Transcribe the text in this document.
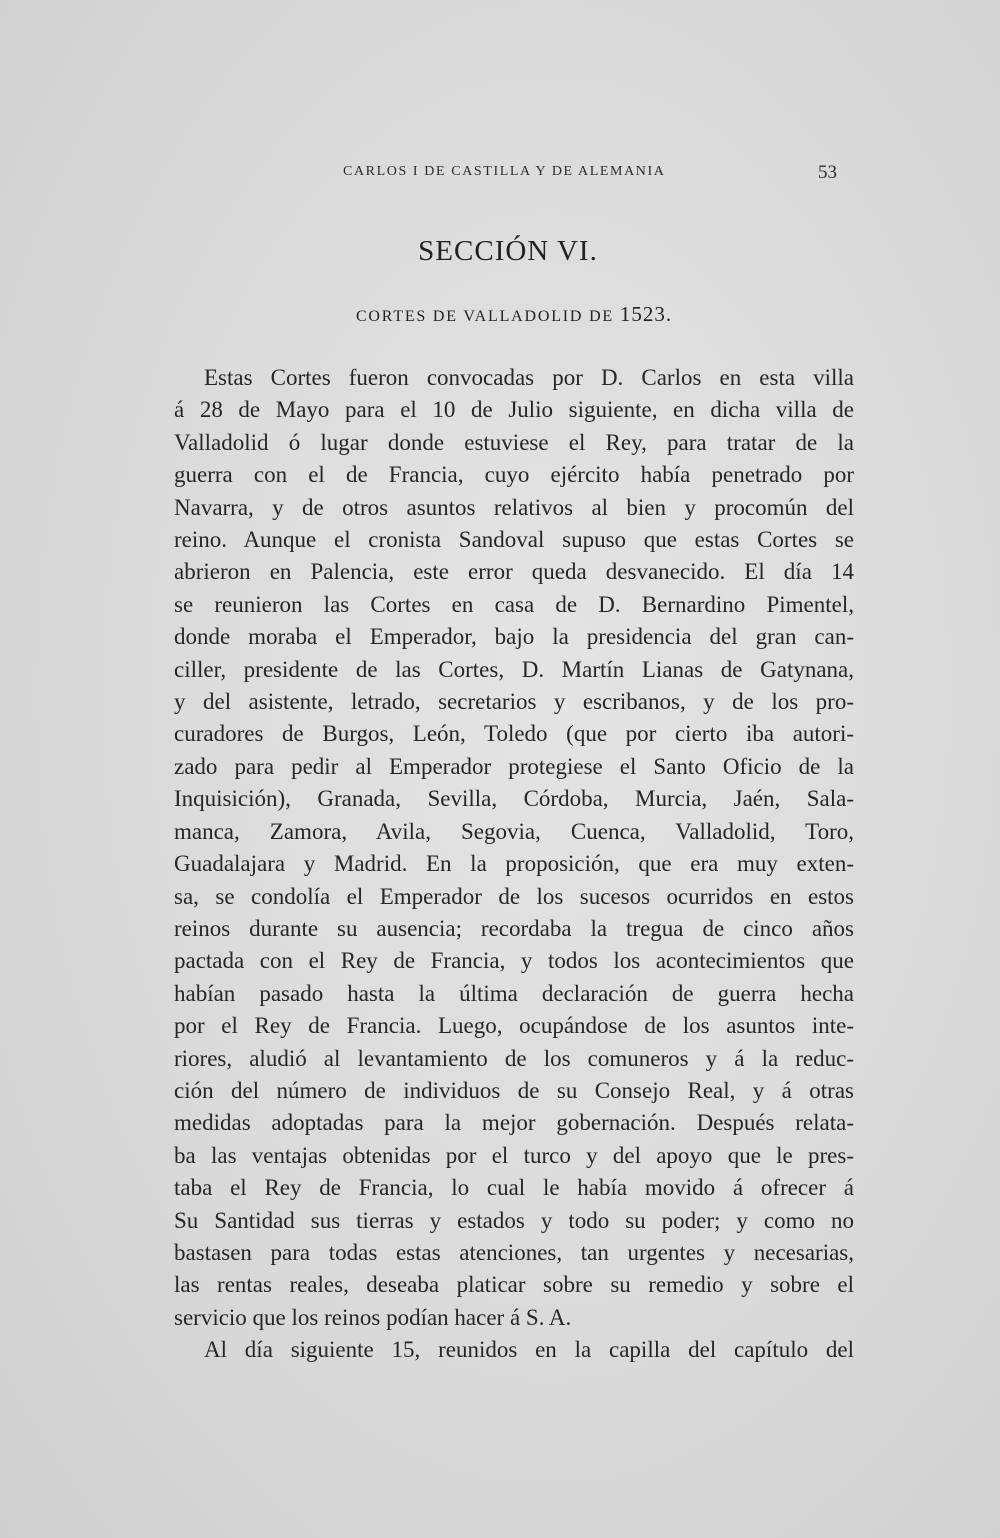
CARLOS I DE CASTILLA Y DE ALEMANIA	53
SECCIÓN VI.
CORTES DE VALLADOLID DE 1523.
Estas Cortes fueron convocadas por D. Carlos en esta villa
á 28 de Mayo para el 10 de Julio siguiente, en dicha villa de
Valladolid ó lugar donde estuviese el Rey, para tratar de la
guerra con el de Francia, cuyo ejército había penetrado por
Navarra, y de otros asuntos relativos al bien y procomún del
reino. Aunque el cronista Sandoval supuso que estas Cortes se
abrieron en Palencia, este error queda desvanecido. El día 14
se reunieron las Cortes en casa de D. Bernardino Pimentel,
donde moraba el Emperador, bajo la presidencia del gran can-
ciller, presidente de las Cortes, D. Martín Lianas de Gatynana,
y del asistente, letrado, secretarios y escribanos, y de los pro-
curadores de Burgos, León, Toledo (que por cierto iba autori-
zado para pedir al Emperador protegiese el Santo Oficio de la
Inquisición), Granada, Sevilla, Córdoba, Murcia, Jaén, Sala-
manca, Zamora, Avila, Segovia, Cuenca, Valladolid, Toro,
Guadalajara y Madrid. En la proposición, que era muy exten-
sa, se condolía el Emperador de los sucesos ocurridos en estos
reinos durante su ausencia; recordaba la tregua de cinco años
pactada con el Rey de Francia, y todos los acontecimientos que
habían pasado hasta la última declaración de guerra hecha
por el Rey de Francia. Luego, ocupándose de los asuntos inte-
riores, aludió al levantamiento de los comuneros y á la reduc-
ción del número de individuos de su Consejo Real, y á otras
medidas adoptadas para la mejor gobernación. Después relata-
ba las ventajas obtenidas por el turco y del apoyo que le pres-
taba el Rey de Francia, lo cual le había movido á ofrecer á
Su Santidad sus tierras y estados y todo su poder; y como no
bastasen para todas estas atenciones, tan urgentes y necesarias,
las rentas reales, deseaba platicar sobre su remedio y sobre el
servicio que los reinos podían hacer á S. A.
Al día siguiente 15, reunidos en la capilla del capítulo del
